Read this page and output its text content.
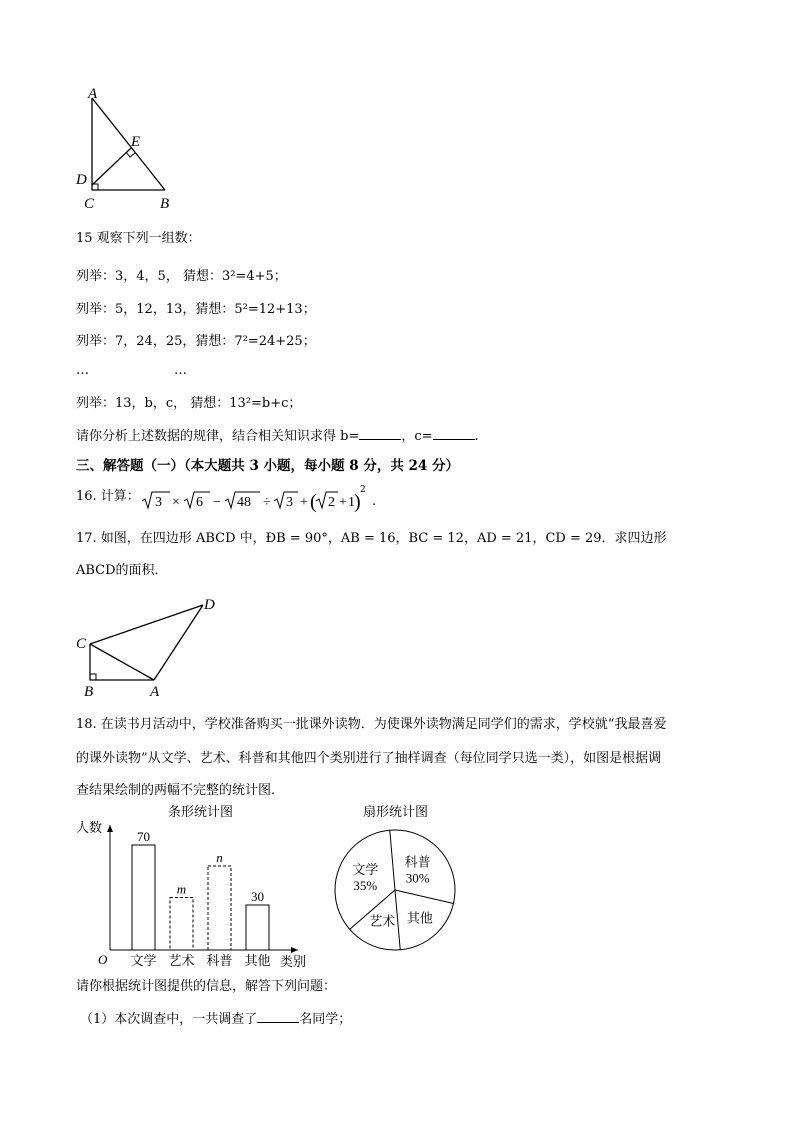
A
E
D
C	B
15 观察下列一组数：
列举：3，4，5， 猜想：3²=4+5；
列举：5，12，13，猜想：5²=12+13；
列举：7，24，25，猜想：7²=24+25；
…	…
列举：13，b，c， 猜想：13²=b+c；
请你分析上述数据的规律，结合相关知识求得 b=	，c=	.
三、解答题（一）（本大题共 3 小题，每小题 8 分，共 24 分）
16. 计算： 3 × 6 − 48 ÷ 3 + ( 2 + 1 )
2
.
17. 如图，在四边形 ABCD 中，ÐB = 90°，AB = 16，BC = 12，AD = 21，CD = 29．求四边形
ABCD的面积．
D
C
B	A
18. 在读书月活动中，学校准备购买一批课外读物．为使课外读物满足同学们的需求，学校就“我最喜爱
的课外读物”从文学、艺术、科普和其他四个类别进行了抽样调查（每位同学只选一类），如图是根据调
查结果绘制的两幅不完整的统计图．
条形统计图
人数
O	类别
70
文学
m
艺术
n
科普
30
其他
扇形统计图
科普
30%
其他
艺术
文学
35%
请你根据统计图提供的信息，解答下列问题：
（1）本次调查中，一共调查了	名同学；
